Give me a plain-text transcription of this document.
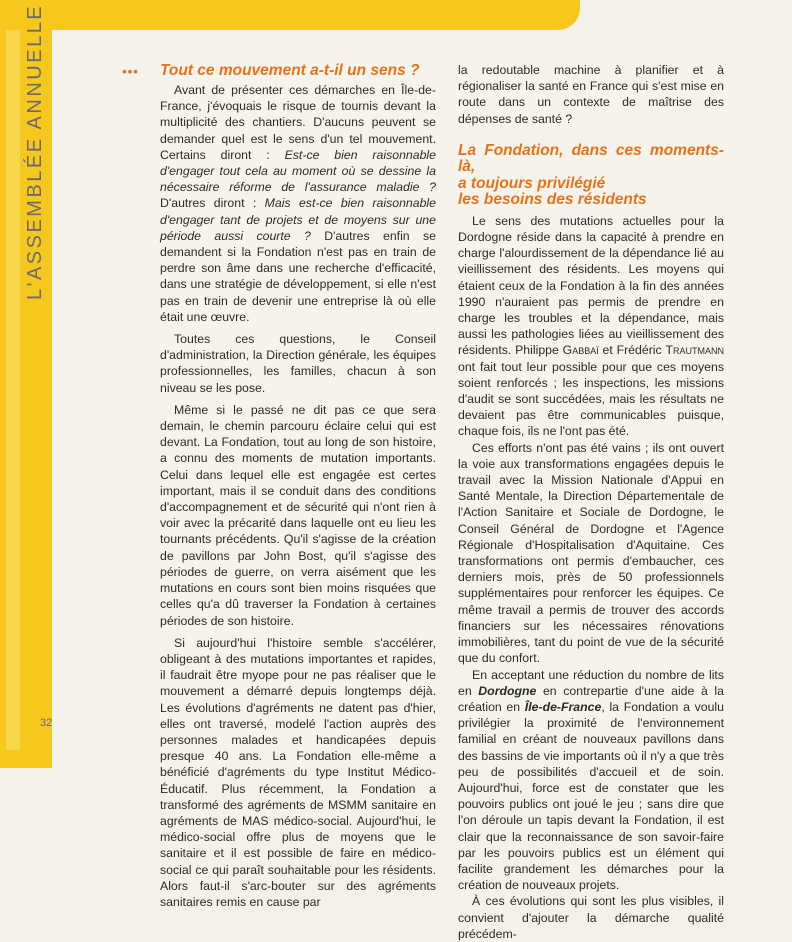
L'ASSEMBLÉE ANNUELLE
32
••• Tout ce mouvement a-t-il un sens ?

Avant de présenter ces démarches en Île-de-France, j'évoquais le risque de tournis devant la multiplicité des chantiers. D'aucuns peuvent se demander quel est le sens d'un tel mouvement. Certains diront : Est-ce bien raisonnable d'engager tout cela au moment où se dessine la nécessaire réforme de l'assurance maladie ? D'autres diront : Mais est-ce bien raisonnable d'engager tant de projets et de moyens sur une période aussi courte ? D'autres enfin se demandent si la Fondation n'est pas en train de perdre son âme dans une recherche d'efficacité, dans une stratégie de développement, si elle n'est pas en train de devenir une entreprise là où elle était une œuvre.

Toutes ces questions, le Conseil d'administration, la Direction générale, les équipes professionnelles, les familles, chacun à son niveau se les pose.

Même si le passé ne dit pas ce que sera demain, le chemin parcouru éclaire celui qui est devant. La Fondation, tout au long de son histoire, a connu des moments de mutation importants. Celui dans lequel elle est engagée est certes important, mais il se conduit dans des conditions d'accompagnement et de sécurité qui n'ont rien à voir avec la précarité dans laquelle ont eu lieu les tournants précédents. Qu'il s'agisse de la création de pavillons par John Bost, qu'il s'agisse des périodes de guerre, on verra aisément que les mutations en cours sont bien moins risquées que celles qu'a dû traverser la Fondation à certaines périodes de son histoire.

Si aujourd'hui l'histoire semble s'accélérer, obligeant à des mutations importantes et rapides, il faudrait être myope pour ne pas réaliser que le mouvement a démarré depuis longtemps déjà. Les évolutions d'agréments ne datent pas d'hier, elles ont traversé, modelé l'action auprès des personnes malades et handicapées depuis presque 40 ans. La Fondation elle-même a bénéficié d'agréments du type Institut Médico-Éducatif. Plus récemment, la Fondation a transformé des agréments de MSMM sanitaire en agréments de MAS médico-social. Aujourd'hui, le médico-social offre plus de moyens que le sanitaire et il est possible de faire en médico-social ce qui paraît souhaitable pour les résidents. Alors faut-il s'arc-bouter sur des agréments sanitaires remis en cause par

la redoutable machine à planifier et à régionaliser la santé en France qui s'est mise en route dans un contexte de maîtrise des dépenses de santé ?

La Fondation, dans ces moments-là,
a toujours privilégié
les besoins des résidents

Le sens des mutations actuelles pour la Dordogne réside dans la capacité à prendre en charge l'alourdissement de la dépendance lié au vieillissement des résidents. Les moyens qui étaient ceux de la Fondation à la fin des années 1990 n'auraient pas permis de prendre en charge les troubles et la dépendance, mais aussi les pathologies liées au vieillissement des résidents. Philippe Gabbaï et Frédéric Trautmann ont fait tout leur possible pour que ces moyens soient renforcés ; les inspections, les missions d'audit se sont succédées, mais les résultats ne devaient pas être communicables puisque, chaque fois, ils ne l'ont pas été.

Ces efforts n'ont pas été vains ; ils ont ouvert la voie aux transformations engagées depuis le travail avec la Mission Nationale d'Appui en Santé Mentale, la Direction Départementale de l'Action Sanitaire et Sociale de Dordogne, le Conseil Général de Dordogne et l'Agence Régionale d'Hospitalisation d'Aquitaine. Ces transformations ont permis d'embaucher, ces derniers mois, près de 50 professionnels supplémentaires pour renforcer les équipes. Ce même travail a permis de trouver des accords financiers sur les nécessaires rénovations immobilières, tant du point de vue de la sécurité que du confort.

En acceptant une réduction du nombre de lits en Dordogne en contrepartie d'une aide à la création en Île-de-France, la Fondation a voulu privilégier la proximité de l'environnement familial en créant de nouveaux pavillons dans des bassins de vie importants où il n'y a que très peu de possibilités d'accueil et de soin. Aujourd'hui, force est de constater que les pouvoirs publics ont joué le jeu ; sans dire que l'on déroule un tapis devant la Fondation, il est clair que la reconnaissance de son savoir-faire par les pouvoirs publics est un élément qui facilite grandement les démarches pour la création de nouveaux projets.

À ces évolutions qui sont les plus visibles, il convient d'ajouter la démarche qualité précédem-
